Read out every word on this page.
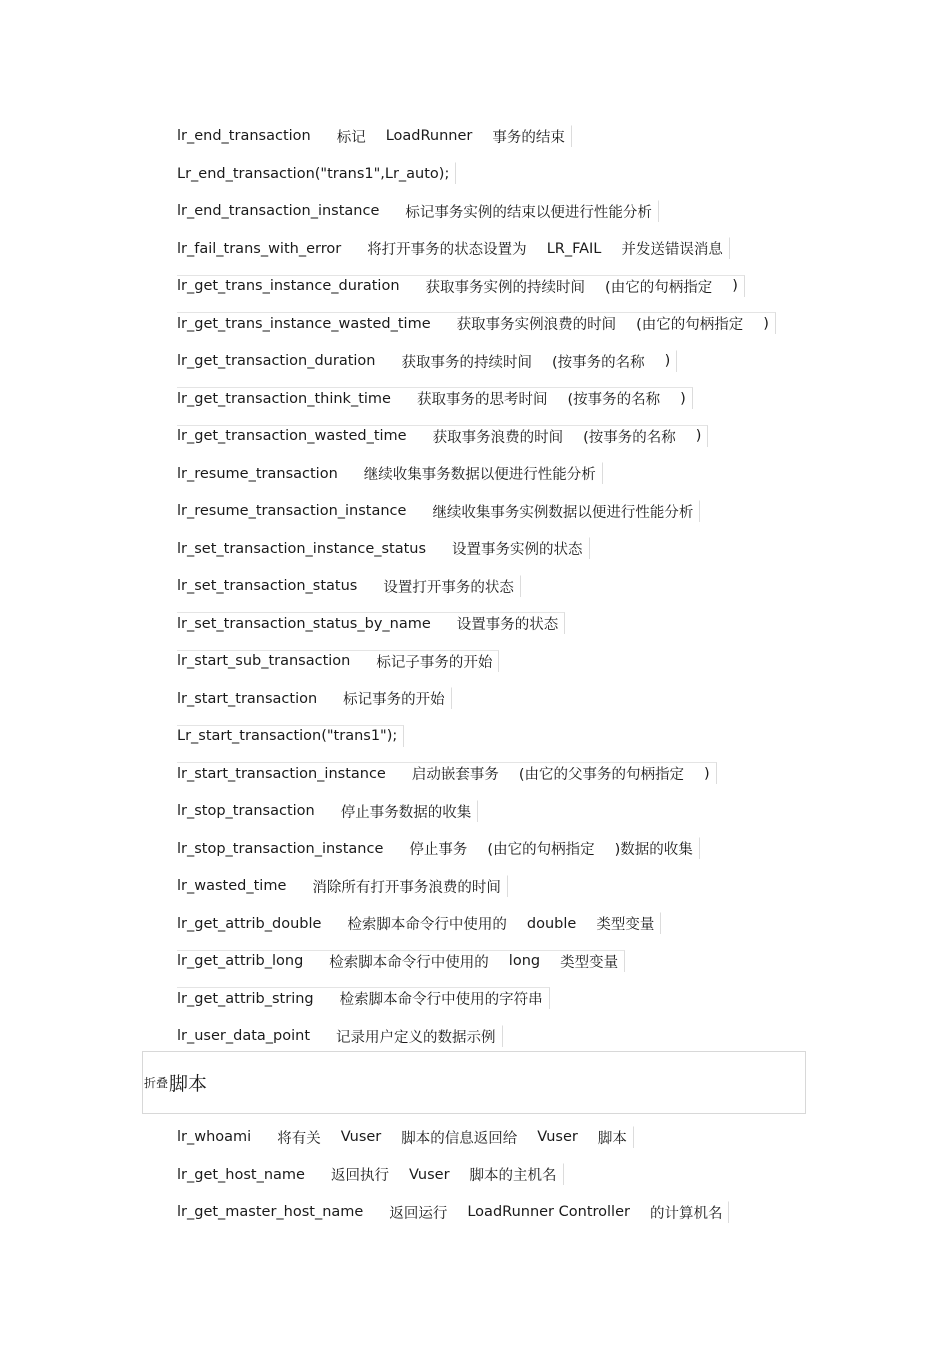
lr_end_transaction 标记 LoadRunner 事务的结束
Lr_end_transaction("trans1",Lr_auto);
lr_end_transaction_instance 标记事务实例的结束以便进行性能分析
lr_fail_trans_with_error 将打开事务的状态设置为 LR_FAIL 并发送错误消息
lr_get_trans_instance_duration 获取事务实例的持续时间 (由它的句柄指定 )
lr_get_trans_instance_wasted_time 获取事务实例浪费的时间 (由它的句柄指定 )
lr_get_transaction_duration 获取事务的持续时间 (按事务的名称 )
lr_get_transaction_think_time 获取事务的思考时间 (按事务的名称 )
lr_get_transaction_wasted_time 获取事务浪费的时间 (按事务的名称 )
lr_resume_transaction 继续收集事务数据以便进行性能分析
lr_resume_transaction_instance 继续收集事务实例数据以便进行性能分析
lr_set_transaction_instance_status 设置事务实例的状态
lr_set_transaction_status 设置打开事务的状态
lr_set_transaction_status_by_name 设置事务的状态
lr_start_sub_transaction 标记子事务的开始
lr_start_transaction 标记事务的开始
Lr_start_transaction("trans1");
lr_start_transaction_instance 启动嵌套事务 (由它的父事务的句柄指定 )
lr_stop_transaction 停止事务数据的收集
lr_stop_transaction_instance 停止事务 (由它的句柄指定 )数据的收集
lr_wasted_time 消除所有打开事务浪费的时间
lr_get_attrib_double 检索脚本命令行中使用的 double 类型变量
lr_get_attrib_long 检索脚本命令行中使用的 long 类型变量
lr_get_attrib_string 检索脚本命令行中使用的字符串
lr_user_data_point 记录用户定义的数据示例
折叠 脚本
lr_whoami 将有关 Vuser 脚本的信息返回给 Vuser 脚本
lr_get_host_name 返回执行 Vuser 脚本的主机名
lr_get_master_host_name 返回运行 LoadRunner Controller 的计算机名
